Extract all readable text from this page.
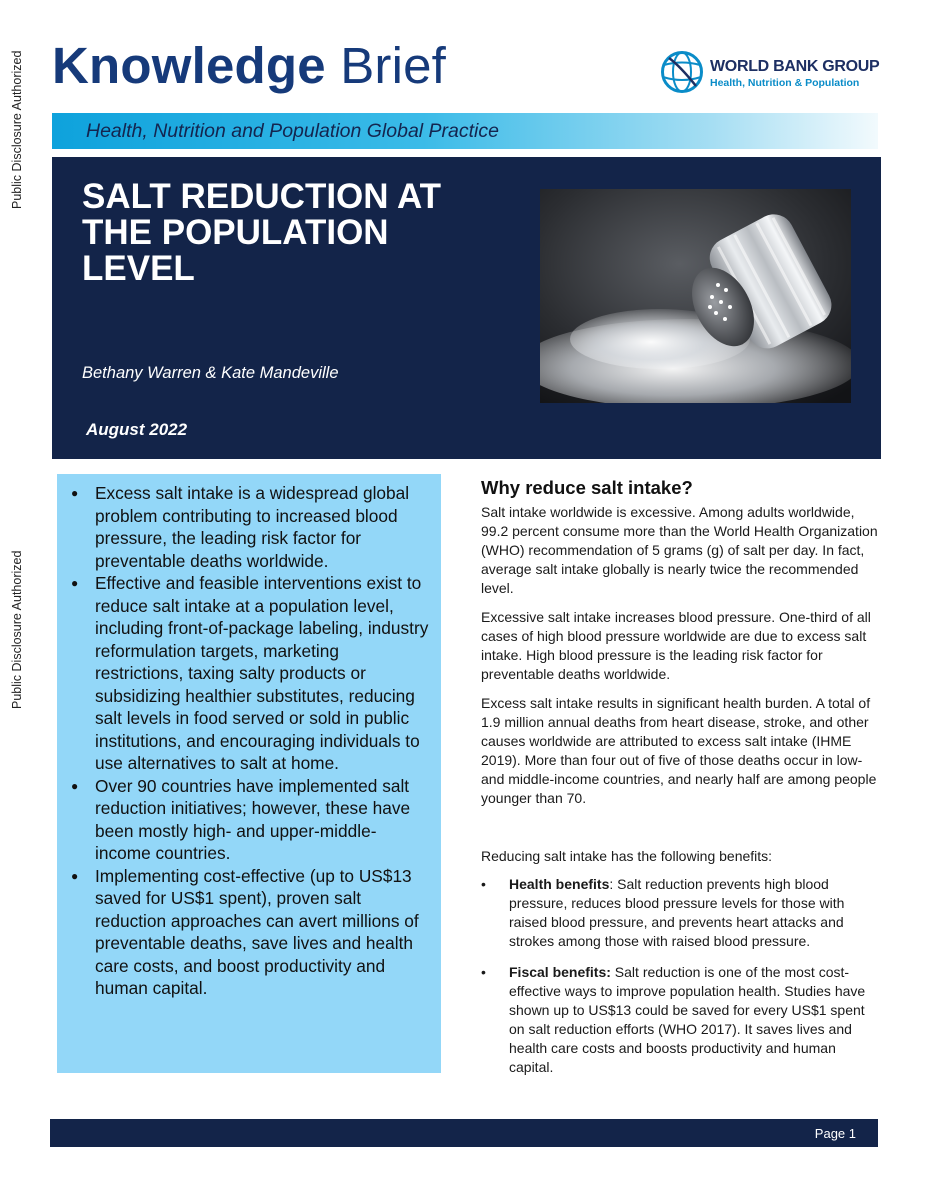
Public Disclosure Authorized
Public Disclosure Authorized
Knowledge Brief	WORLD BANK GROUP
Health, Nutrition & Population
Health, Nutrition and Population Global Practice
SALT REDUCTION AT THE POPULATION LEVEL
Bethany Warren & Kate Mandeville
August 2022
● Excess salt intake is a widespread global problem contributing to increased blood pressure, the leading risk factor for preventable deaths worldwide.
● Effective and feasible interventions exist to reduce salt intake at a population level, including front-of-package labeling, industry reformulation targets, marketing restrictions, taxing salty products or subsidizing healthier substitutes, reducing salt levels in food served or sold in public institutions, and encouraging individuals to use alternatives to salt at home.
● Over 90 countries have implemented salt reduction initiatives; however, these have been mostly high- and upper-middle-income countries.
● Implementing cost-effective (up to US$13 saved for US$1 spent), proven salt reduction approaches can avert millions of preventable deaths, save lives and health care costs, and boost productivity and human capital.
Why reduce salt intake?

Salt intake worldwide is excessive. Among adults worldwide, 99.2 percent consume more than the World Health Organization (WHO) recommendation of 5 grams (g) of salt per day. In fact, average salt intake globally is nearly twice the recommended level.

Excessive salt intake increases blood pressure. One-third of all cases of high blood pressure worldwide are due to excess salt intake. High blood pressure is the leading risk factor for preventable deaths worldwide.

Excess salt intake results in significant health burden. A total of 1.9 million annual deaths from heart disease, stroke, and other causes worldwide are attributed to excess salt intake (IHME 2019). More than four out of five of those deaths occur in low- and middle-income countries, and nearly half are among people younger than 70.

Reducing salt intake has the following benefits:

• Health benefits: Salt reduction prevents high blood pressure, reduces blood pressure levels for those with raised blood pressure, and prevents heart attacks and strokes among those with raised blood pressure.
• Fiscal benefits: Salt reduction is one of the most cost-effective ways to improve population health. Studies have shown up to US$13 could be saved for every US$1 spent on salt reduction efforts (WHO 2017). It saves lives and health care costs and boosts productivity and human capital.
Page 1
